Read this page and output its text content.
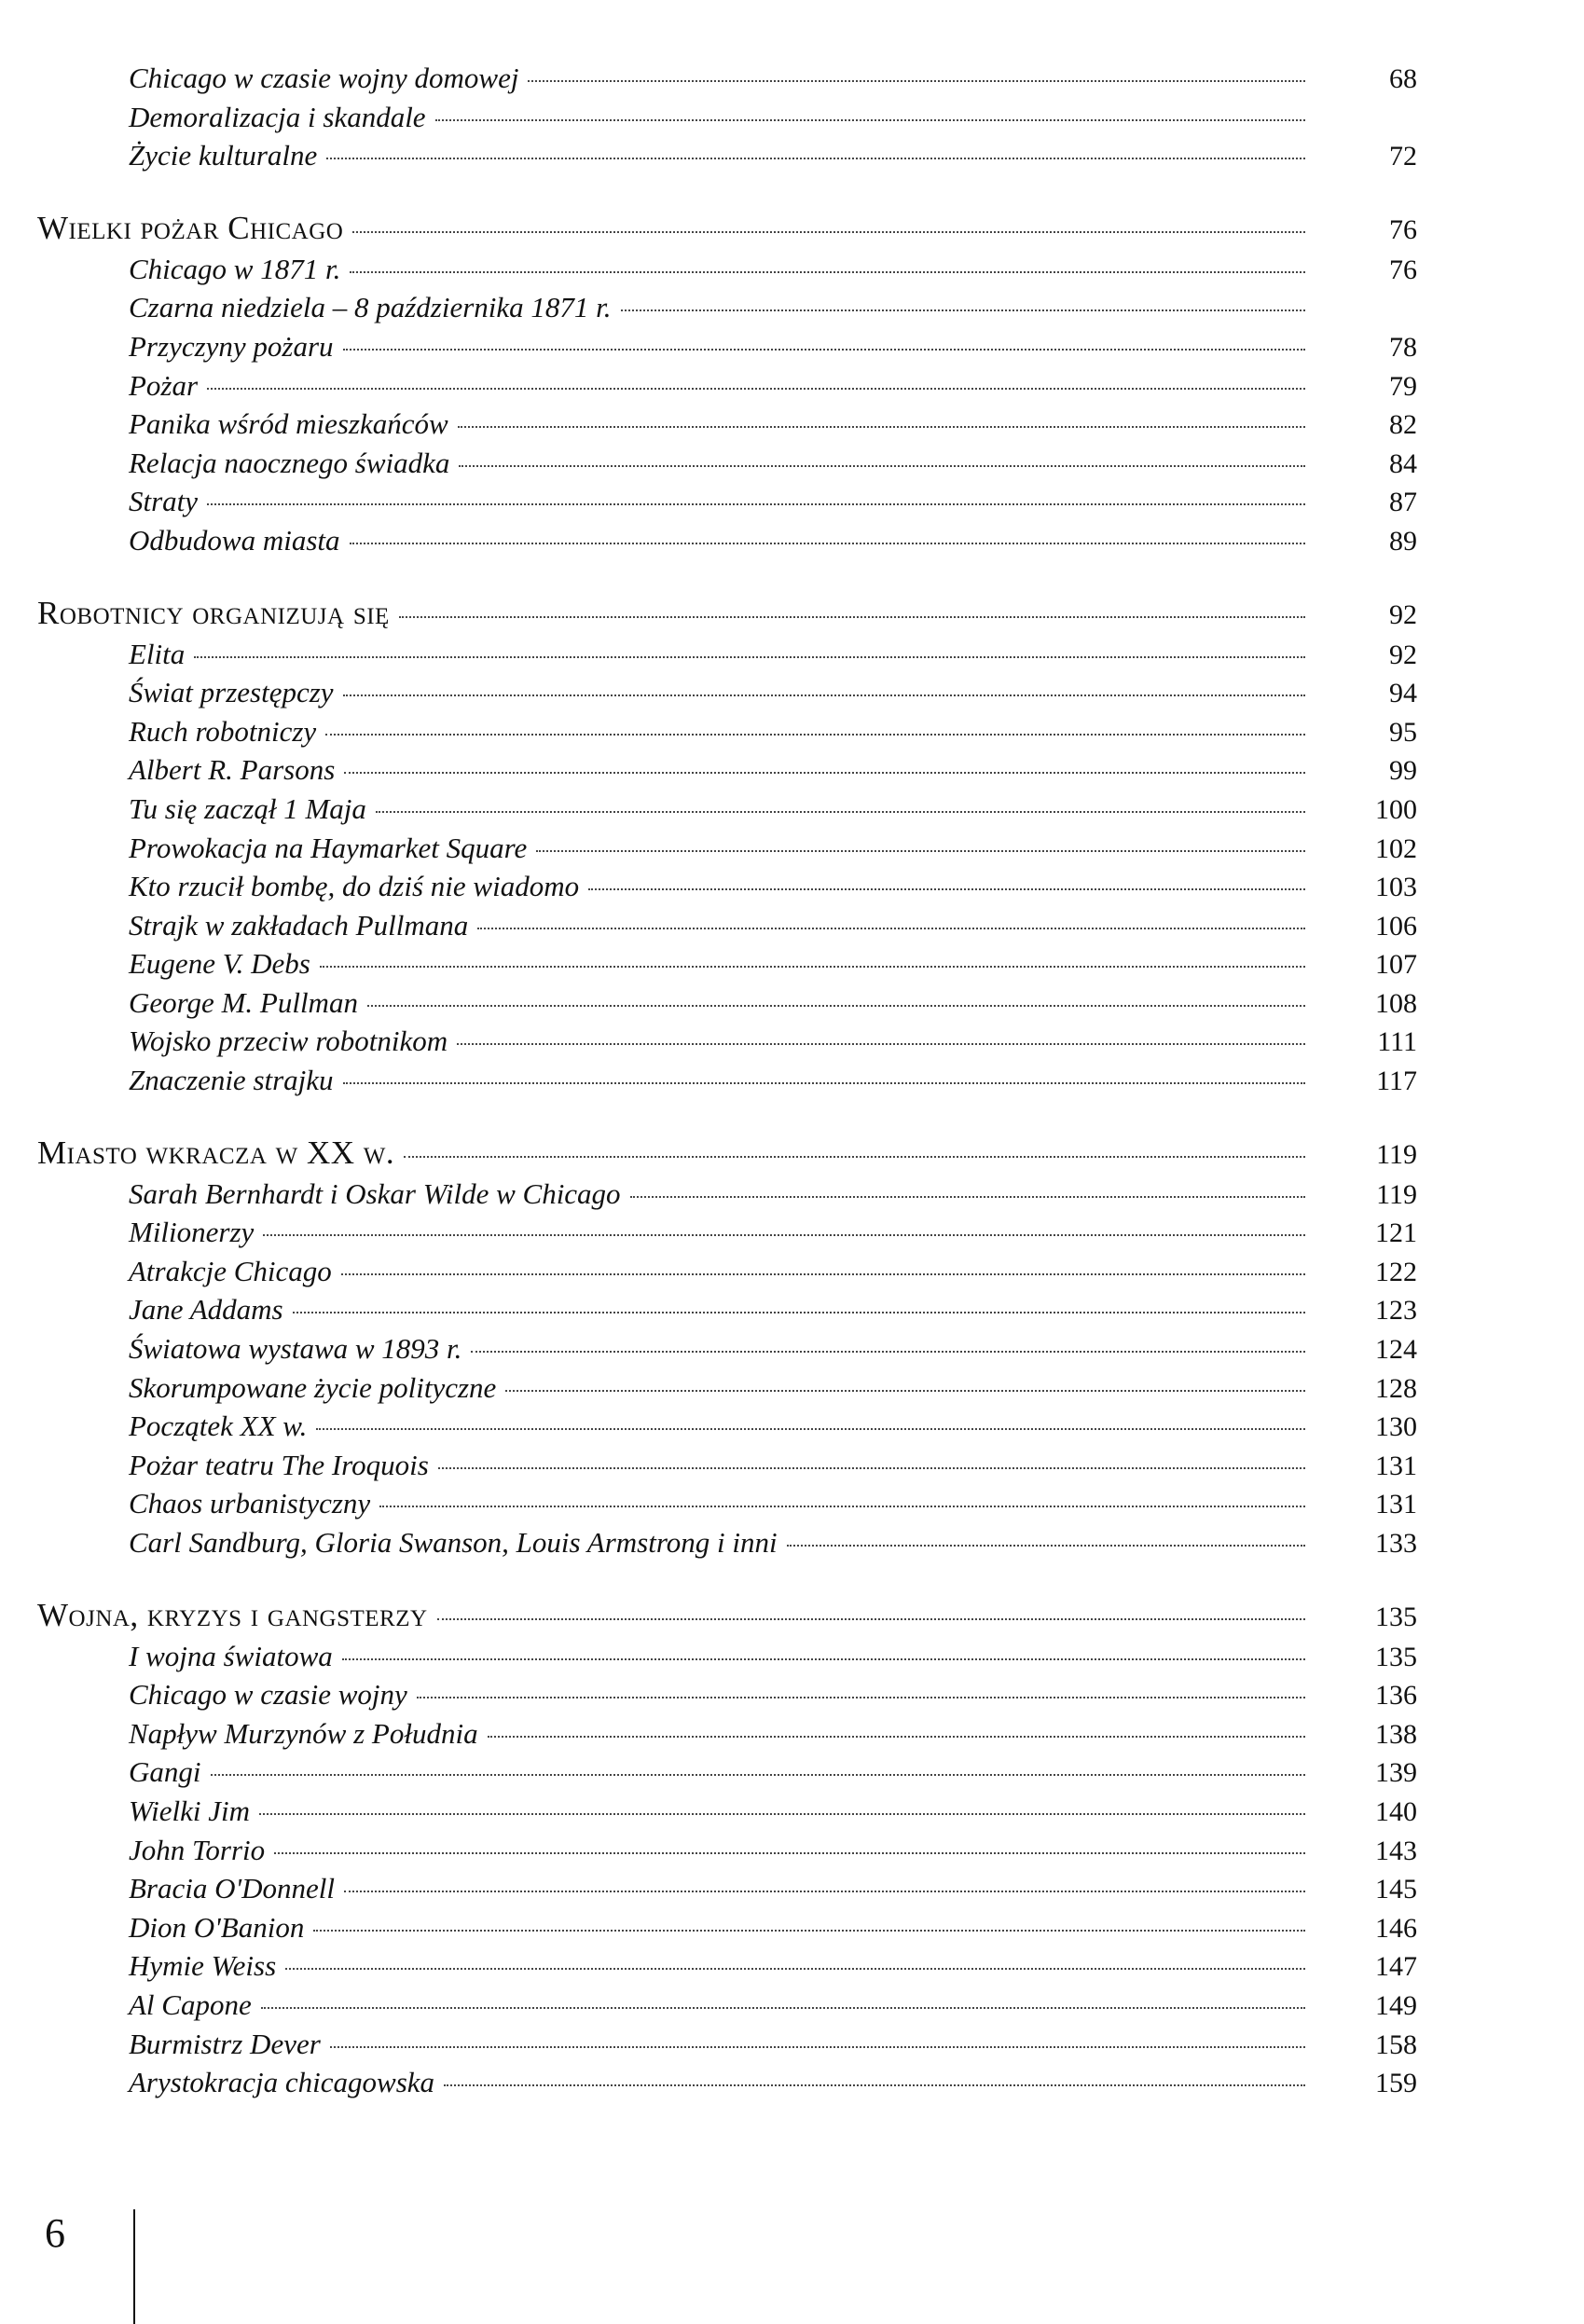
Chicago w czasie wojny domowej	68
Demoralizacja i skandale
Życie kulturalne	72
Wielki pożar Chicago	76
Chicago w 1871 r.	76
Czarna niedziela – 8 października 1871 r.
Przyczyny pożaru	78
Pożar	79
Panika wśród mieszkańców	82
Relacja naocznego świadka	84
Straty	87
Odbudowa miasta	89
Robotnicy organizują się	92
Elita	92
Świat przestępczy	94
Ruch robotniczy	95
Albert R. Parsons	99
Tu się zaczął 1 Maja	100
Prowokacja na Haymarket Square	102
Kto rzucił bombę, do dziś nie wiadomo	103
Strajk w zakładach Pullmana	106
Eugene V. Debs	107
George M. Pullman	108
Wojsko przeciw robotnikom	111
Znaczenie strajku	117
Miasto wkracza w XX w.	119
Sarah Bernhardt i Oskar Wilde w Chicago	119
Milionerzy	121
Atrakcje Chicago	122
Jane Addams	123
Światowa wystawa w 1893 r.	124
Skorumpowane życie polityczne	128
Początek XX w.	130
Pożar teatru The Iroquois	131
Chaos urbanistyczny	131
Carl Sandburg, Gloria Swanson, Louis Armstrong i inni	133
Wojna, kryzys i gangsterzy	135
I wojna światowa	135
Chicago w czasie wojny	136
Napływ Murzynów z Południa	138
Gangi	139
Wielki Jim	140
John Torrio	143
Bracia O'Donnell	145
Dion O'Banion	146
Hymie Weiss	147
Al Capone	149
Burmistrz Dever	158
Arystokracja chicagowska	159
6
